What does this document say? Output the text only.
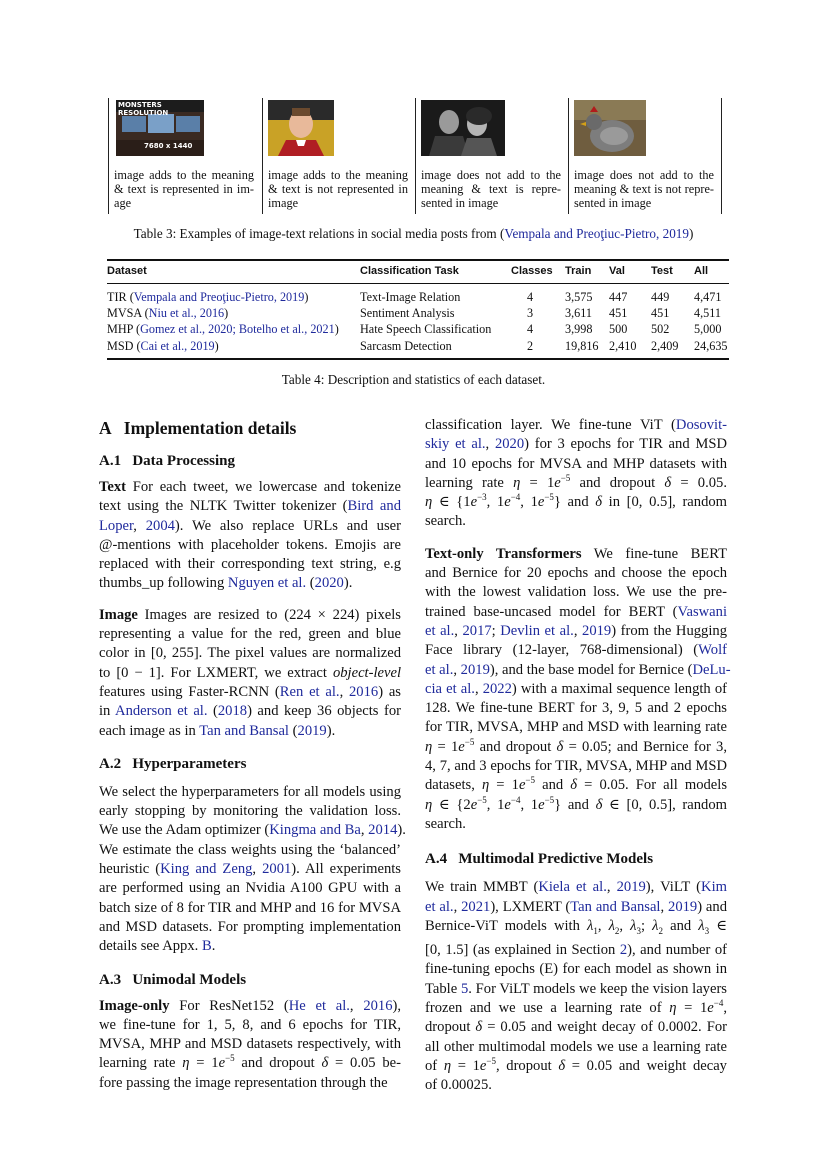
MONSTERS RESOLUTION
7680 x 1440

image adds to the meaning

& text is represented in im-

age

image adds to the meaning

& text is not represented in

image

image does not add to the

meaning & text is repre-

sented in image

image does not add to the

meaning & text is not repre-

sented in image

Table 3: Examples of image-text relations in social media posts from (Vempala and Preoţiuc-Pietro, 2019)
Dataset	Classification Task	Classes Train Val Test All
TIR (Vempala and Preoţiuc-Pietro, 2019)	Text-Image Relation	4	3,575 447 449 4,471
MVSA (Niu et al., 2016)	Sentiment Analysis	3	3,611 451 451 4,511
MHP (Gomez et al., 2020; Botelho et al., 2021) Hate Speech Classification	4	3,998 500 502 5,000
MSD (Cai et al., 2019)	Sarcasm Detection	2	19,816 2,410 2,409 24,635
Table 4: Description and statistics of each dataset.
A   Implementation details
A.1   Data Processing
Text For each tweet, we lowercase and tokenize
text using the NLTK Twitter tokenizer (Bird and
Loper, 2004). We also replace URLs and user
@-mentions with placeholder tokens. Emojis are
replaced with their corresponding text string, e.g
thumbs_up following Nguyen et al. (2020).
Image Images are resized to (224 × 224) pixels
representing a value for the red, green and blue
color in [0, 255]. The pixel values are normalized
to [0 − 1]. For LXMERT, we extract object-level
features using Faster-RCNN (Ren et al., 2016) as
in Anderson et al. (2018) and keep 36 objects for
each image as in Tan and Bansal (2019).
A.2   Hyperparameters
We select the hyperparameters for all models using
early stopping by monitoring the validation loss.
We use the Adam optimizer (Kingma and Ba, 2014).
We estimate the class weights using the ‘balanced’
heuristic (King and Zeng, 2001). All experiments
are performed using an Nvidia A100 GPU with a
batch size of 8 for TIR and MHP and 16 for MVSA
and MSD datasets. For prompting implementation
details see Appx. B.
A.3   Unimodal Models
Image-only For ResNet152 (He et al., 2016),
we fine-tune for 1, 5, 8, and 6 epochs for TIR,
MVSA, MHP and MSD datasets respectively, with
learning rate $\eta = 1e^{-5}$ and dropout δ = 0.05 be-
fore passing the image representation through the
classification layer. We fine-tune ViT (Dosovit-
skiy et al., 2020) for 3 epochs for TIR and MSD
and 10 epochs for MVSA and MHP datasets with
learning rate $\eta = 1e^{-5}$ and dropout δ = 0.05.
η ∈ {$1e^{-3}$, $1e^{-4}$, $1e^{-5}$} and δ in [0, 0.5], random
search.
Text-only Transformers We fine-tune BERT
and Bernice for 20 epochs and choose the epoch
with the lowest validation loss. We use the pre-
trained base-uncased model for BERT (Vaswani
et al., 2017; Devlin et al., 2019) from the Hugging
Face library (12-layer, 768-dimensional) (Wolf
et al., 2019), and the base model for Bernice (DeLu-
cia et al., 2022) with a maximal sequence length of
128. We fine-tune BERT for 3, 9, 5 and 2 epochs
for TIR, MVSA, MHP and MSD with learning rate
$\eta = 1e^{-5}$ and dropout δ = 0.05; and Bernice for 3,
4, 7, and 3 epochs for TIR, MVSA, MHP and MSD
datasets, $\eta = 1e^{-5}$ and δ = 0.05. For all models
η ∈ {$2e^{-5}$, $1e^{-4}$, $1e^{-5}$} and δ ∈ [0, 0.5], random
search.
A.4   Multimodal Predictive Models
We train MMBT (Kiela et al., 2019), ViLT (Kim
et al., 2021), LXMERT (Tan and Bansal, 2019) and
Bernice-ViT models with $\lambda_1$, $\lambda_2$, $\lambda_3$; $\lambda_2$ and $\lambda_3$ ∈
[0, 1.5] (as explained in Section 2), and number of
fine-tuning epochs (E) for each model as shown in
Table 5. For ViLT models we keep the vision layers
frozen and we use a learning rate of $\eta = 1e^{-4}$,
dropout δ = 0.05 and weight decay of 0.0002. For
all other multimodal models we use a learning rate
of $\eta = 1e^{-5}$, dropout δ = 0.05 and weight decay
of 0.00025.
